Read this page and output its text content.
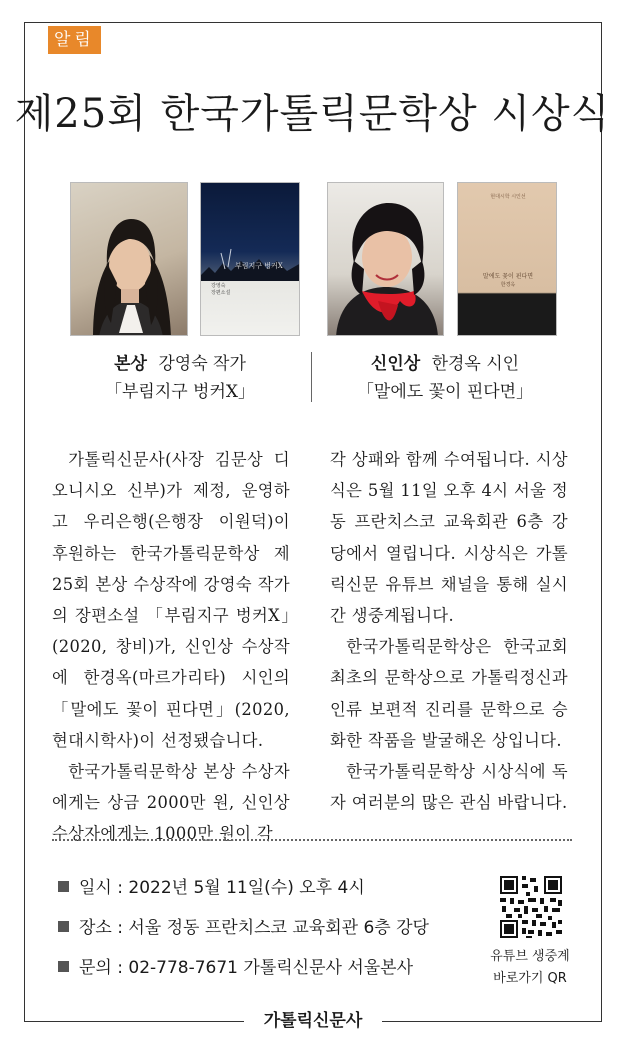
알림
제25회 한국가톨릭문학상 시상식
부림지구 벙커X
강영숙
장편소설
현대시학 시인선
말에도 꽃이 핀다면
한경옥
본상 강영숙 작가
「부림지구 벙커X」
신인상 한경옥 시인
「말에도 꽃이 핀다면」

가톨릭신문사(사장 김문상 디오니시오 신부)가 제정, 운영하고 우리은행(은행장 이원덕)이 후원하는 한국가톨릭문학상 제25회 본상 수상작에 강영숙 작가의 장편소설 「부림지구 벙커X」(2020, 창비)가, 신인상 수상작에 한경옥(마르가리타) 시인의 「말에도 꽃이 핀다면」(2020, 현대시학사)이 선정됐습니다.

한국가톨릭문학상 본상 수상자에게는 상금 2000만 원, 신인상 수상자에게는 1000만 원이 각

각 상패와 함께 수여됩니다. 시상식은 5월 11일 오후 4시 서울 정동 프란치스코 교육회관 6층 강당에서 열립니다. 시상식은 가톨릭신문 유튜브 채널을 통해 실시간 생중계됩니다.

한국가톨릭문학상은 한국교회 최초의 문학상으로 가톨릭정신과 인류 보편적 진리를 문학으로 승화한 작품을 발굴해온 상입니다.

한국가톨릭문학상 시상식에 독자 여러분의 많은 관심 바랍니다.

일시 : 2022년 5월 11일(수) 오후 4시
장소 : 서울 정동 프란치스코 교육회관 6층 강당
문의 : 02-778-7671 가톨릭신문사 서울본사
유튜브 생중계
바로가기 QR
가톨릭신문사
